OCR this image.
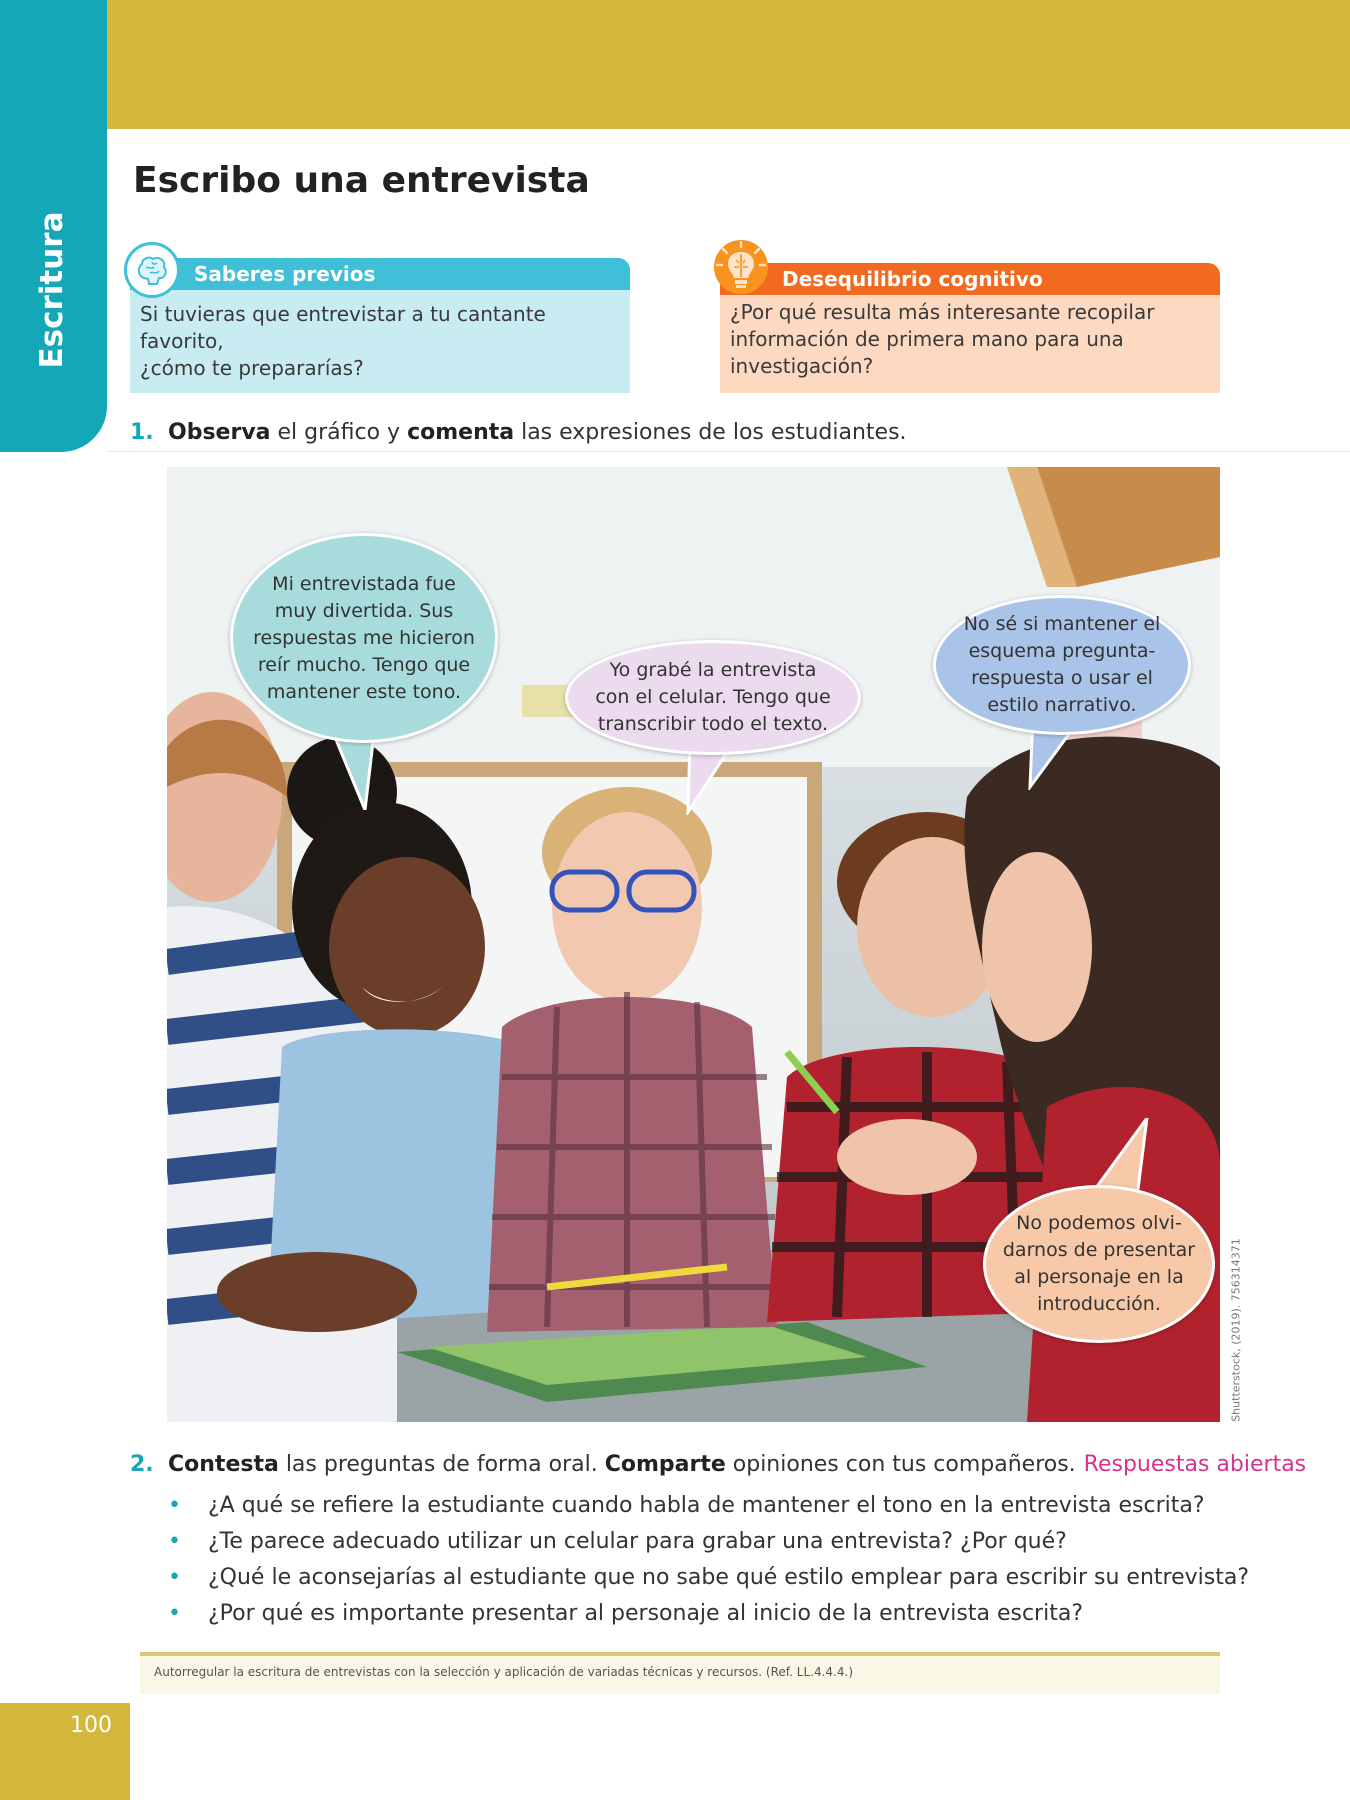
Escritura
Escribo una entrevista
Saberes previos
Si tuvieras que entrevistar a tu cantante favorito,
¿cómo te prepararías?
Desequilibrio cognitivo
¿Por qué resulta más interesante recopilar
información de primera mano para una
investigación?
1. Observa el gráfico y comenta las expresiones de los estudiantes.
Mi entrevistada fue
muy divertida. Sus
respuestas me hicieron
reír mucho. Tengo que
mantener este tono.
Yo grabé la entrevista
con el celular. Tengo que
transcribir todo el texto.
No sé si mantener el
esquema pregunta-
respuesta o usar el
estilo narrativo.
No podemos olvi-
darnos de presentar
al personaje en la
introducción.	Shutterstock, (2019). 756314371
2. Contesta las preguntas de forma oral. Comparte opiniones con tus compañeros. Respuestas abiertas
• ¿A qué se refiere la estudiante cuando habla de mantener el tono en la entrevista escrita?
• ¿Te parece adecuado utilizar un celular para grabar una entrevista? ¿Por qué?
• ¿Qué le aconsejarías al estudiante que no sabe qué estilo emplear para escribir su entrevista?
• ¿Por qué es importante presentar al personaje al inicio de la entrevista escrita?
Autorregular la escritura de entrevistas con la selección y aplicación de variadas técnicas y recursos. (Ref. LL.4.4.4.)
100
